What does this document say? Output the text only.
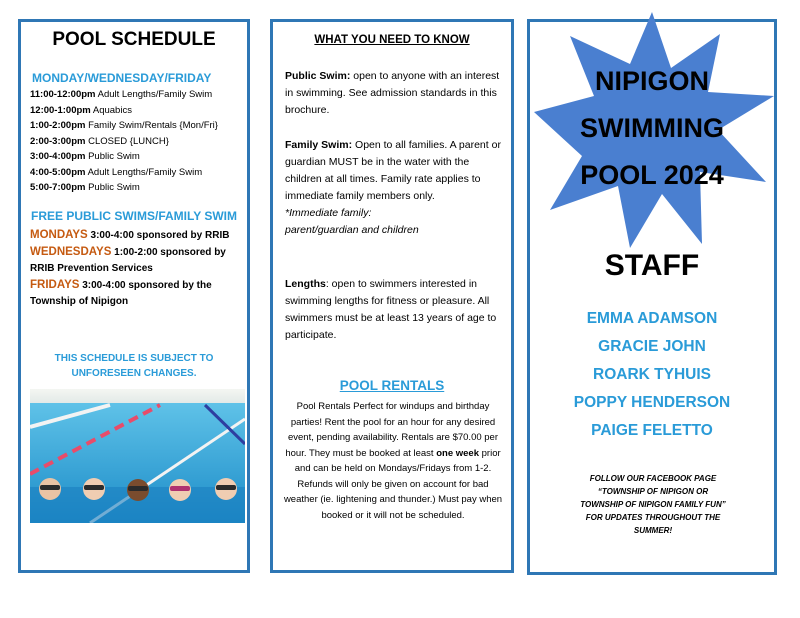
POOL SCHEDULE
MONDAY/WEDNESDAY/FRIDAY
11:00-12:00pm Adult Lengths/Family Swim
12:00-1:00pm Aquabics
1:00-2:00pm Family Swim/Rentals {Mon/Fri}
2:00-3:00pm CLOSED {LUNCH}
3:00-4:00pm Public Swim
4:00-5:00pm Adult Lengths/Family Swim
5:00-7:00pm Public Swim
FREE PUBLIC SWIMS/FAMILY SWIM
MONDAYS 3:00-4:00 sponsored by RRIB
WEDNESDAYS 1:00-2:00 sponsored by RRIB Prevention Services
FRIDAYS 3:00-4:00 sponsored by the Township of Nipigon
THIS SCHEDULE IS SUBJECT TO
UNFORESEEN CHANGES.
WHAT YOU NEED TO KNOW
Public Swim: open to anyone with an interest in swimming. See admission standards in this brochure.
Family Swim: Open to all families. A parent or guardian MUST be in the water with the children at all times. Family rate applies to immediate family members only.
*Immediate family:
parent/guardian and children
Lengths: open to swimmers interested in swimming lengths for fitness or pleasure. All swimmers must be at least 13 years of age to participate.
POOL RENTALS
Pool Rentals Perfect for windups and birthday parties! Rent the pool for an hour for any desired event, pending availability. Rentals are $70.00 per hour. They must be booked at least one week prior and can be held on Mondays/Fridays from 1-2. Refunds will only be given on account for bad weather (ie. lightening and thunder.) Must pay when booked or it will not be scheduled.
NIPIGON
SWIMMING
POOL 2024
STAFF
EMMA ADAMSON
GRACIE JOHN
ROARK TYHUIS
POPPY HENDERSON
PAIGE FELETTO
FOLLOW OUR FACEBOOK PAGE
“TOWNSHIP OF NIPIGON OR
TOWNSHIP OF NIPIGON FAMILY FUN”
FOR UPDATES THROUGHOUT THE
SUMMER!
